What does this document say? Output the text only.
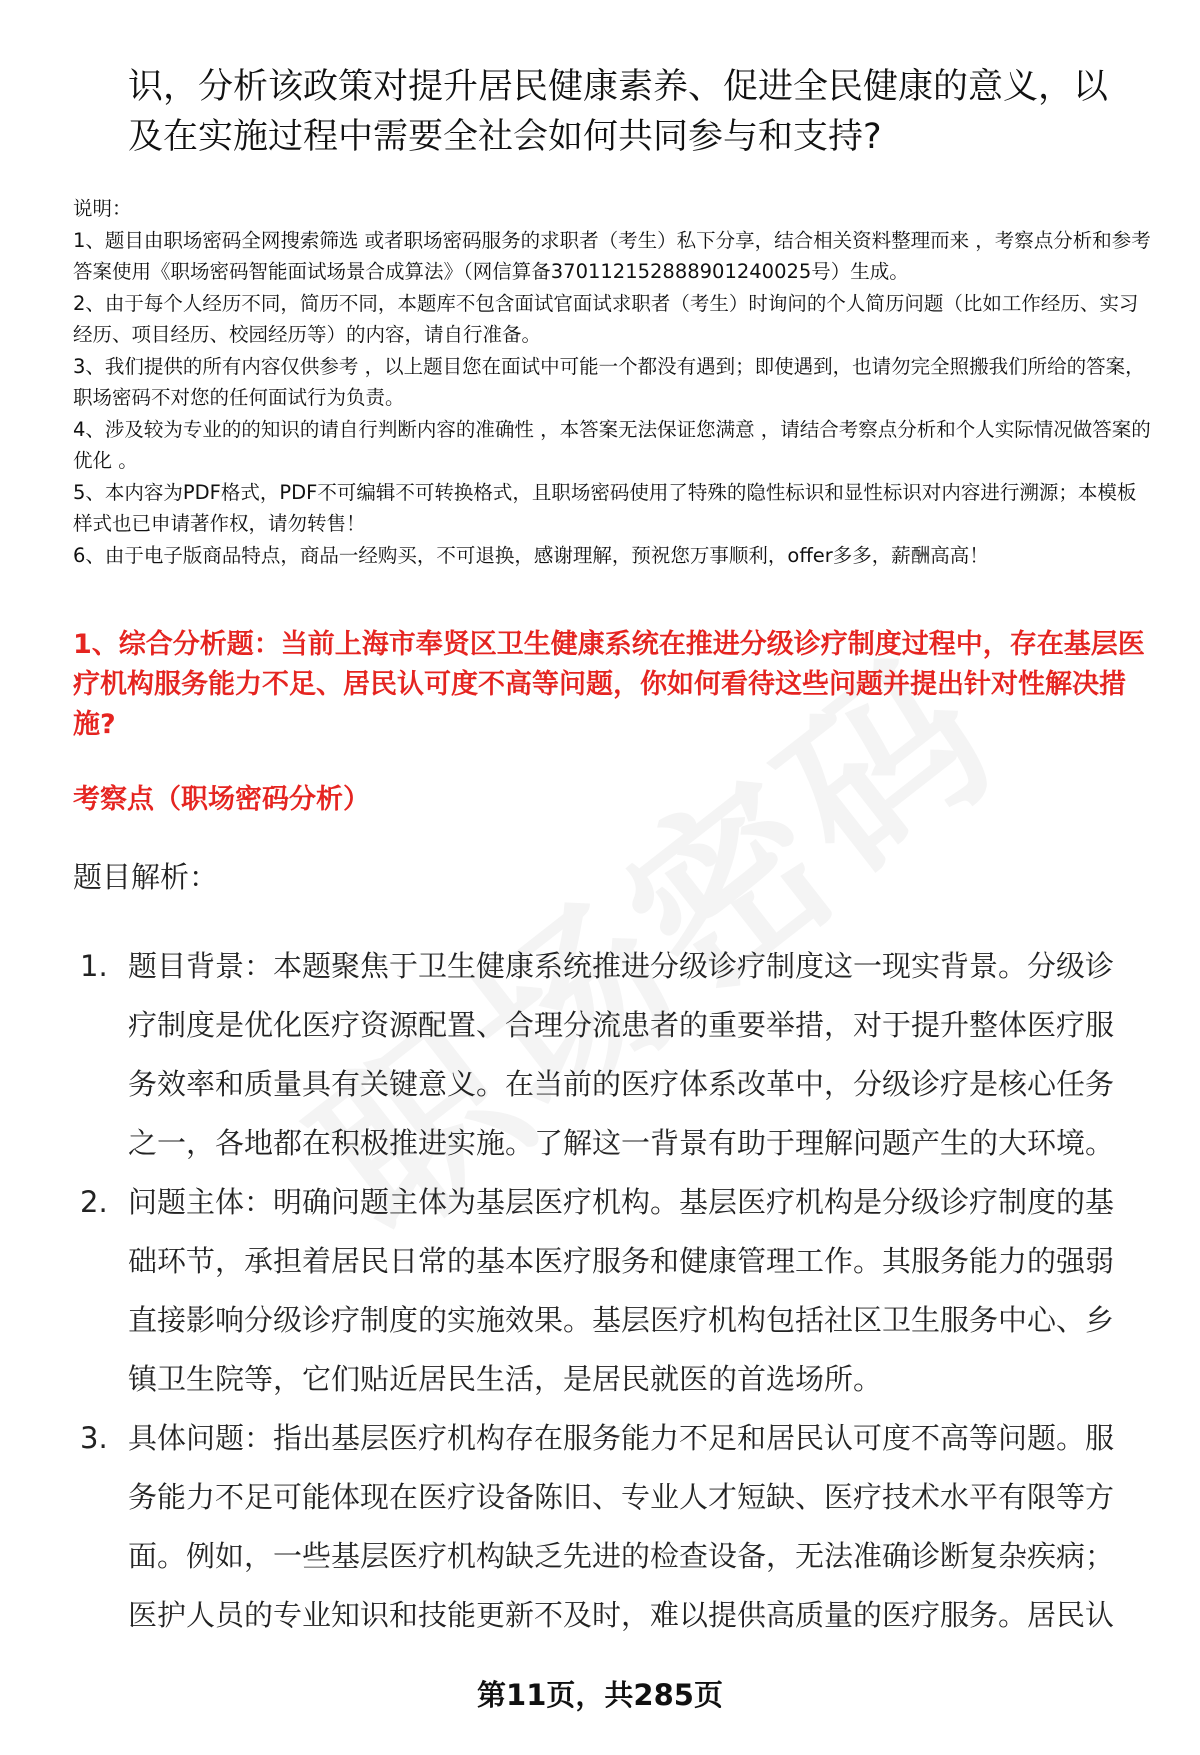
识，分析该政策对提升居民健康素养、促进全民健康的意义，以及在实施过程中需要全社会如何共同参与和支持?
说明：
1、题目由职场密码全网搜索筛选 或者职场密码服务的求职者（考生）私下分享，结合相关资料整理而来 ，考察点分析和参考答案使用《职场密码智能面试场景合成算法》（网信算备370112152888901240025号）生成。
2、由于每个人经历不同，简历不同，本题库不包含面试官面试求职者（考生）时询问的个人简历问题（比如工作经历、实习经历、项目经历、校园经历等）的内容，请自行准备。
3、我们提供的所有内容仅供参考 ，以上题目您在面试中可能一个都没有遇到；即使遇到，也请勿完全照搬我们所给的答案，职场密码不对您的任何面试行为负责。
4、涉及较为专业的的知识的请自行判断内容的准确性 ，本答案无法保证您满意 ，请结合考察点分析和个人实际情况做答案的优化 。
5、本内容为PDF格式，PDF不可编辑不可转换格式，且职场密码使用了特殊的隐性标识和显性标识对内容进行溯源；本模板样式也已申请著作权，请勿转售！
6、由于电子版商品特点，商品一经购买，不可退换，感谢理解，预祝您万事顺利，offer多多，薪酬高高！
1、综合分析题：当前上海市奉贤区卫生健康系统在推进分级诊疗制度过程中，存在基层医疗机构服务能力不足、居民认可度不高等问题，你如何看待这些问题并提出针对性解决措施?
考察点（职场密码分析）
题目解析：
1. 题目背景：本题聚焦于卫生健康系统推进分级诊疗制度这一现实背景。分级诊疗制度是优化医疗资源配置、合理分流患者的重要举措，对于提升整体医疗服务效率和质量具有关键意义。在当前的医疗体系改革中，分级诊疗是核心任务之一，各地都在积极推进实施。了解这一背景有助于理解问题产生的大环境。
2. 问题主体：明确问题主体为基层医疗机构。基层医疗机构是分级诊疗制度的基础环节，承担着居民日常的基本医疗服务和健康管理工作。其服务能力的强弱直接影响分级诊疗制度的实施效果。基层医疗机构包括社区卫生服务中心、乡镇卫生院等，它们贴近居民生活，是居民就医的首选场所。
3. 具体问题：指出基层医疗机构存在服务能力不足和居民认可度不高等问题。服务能力不足可能体现在医疗设备陈旧、专业人才短缺、医疗技术水平有限等方面。例如，一些基层医疗机构缺乏先进的检查设备，无法准确诊断复杂疾病；医护人员的专业知识和技能更新不及时，难以提供高质量的医疗服务。居民认
第11页，共285页
